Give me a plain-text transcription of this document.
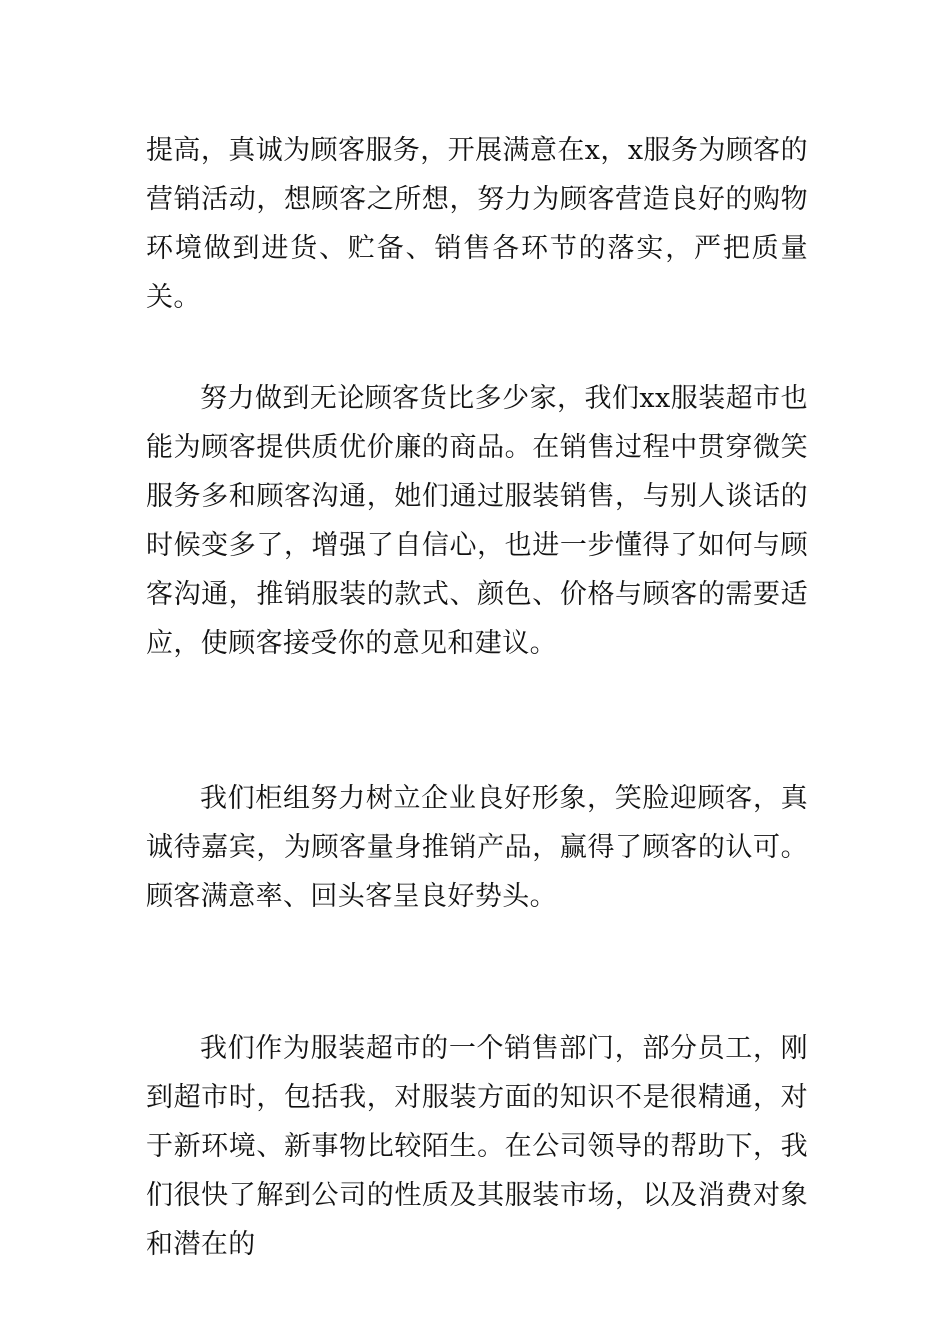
提高，真诚为顾客服务，开展满意在x，x服务为顾客的营销活动，想顾客之所想，努力为顾客营造良好的购物环境做到进货、贮备、销售各环节的落实，严把质量关。

努力做到无论顾客货比多少家，我们xx服装超市也能为顾客提供质优价廉的商品。在销售过程中贯穿微笑服务多和顾客沟通，她们通过服装销售，与别人谈话的时候变多了，增强了自信心，也进一步懂得了如何与顾客沟通，推销服装的款式、颜色、价格与顾客的需要适应，使顾客接受你的意见和建议。

我们柜组努力树立企业良好形象，笑脸迎顾客，真诚待嘉宾，为顾客量身推销产品，赢得了顾客的认可。顾客满意率、回头客呈良好势头。

我们作为服装超市的一个销售部门，部分员工，刚到超市时，包括我，对服装方面的知识不是很精通，对于新环境、新事物比较陌生。在公司领导的帮助下，我们很快了解到公司的性质及其服装市场，以及消费对象和潜在的
